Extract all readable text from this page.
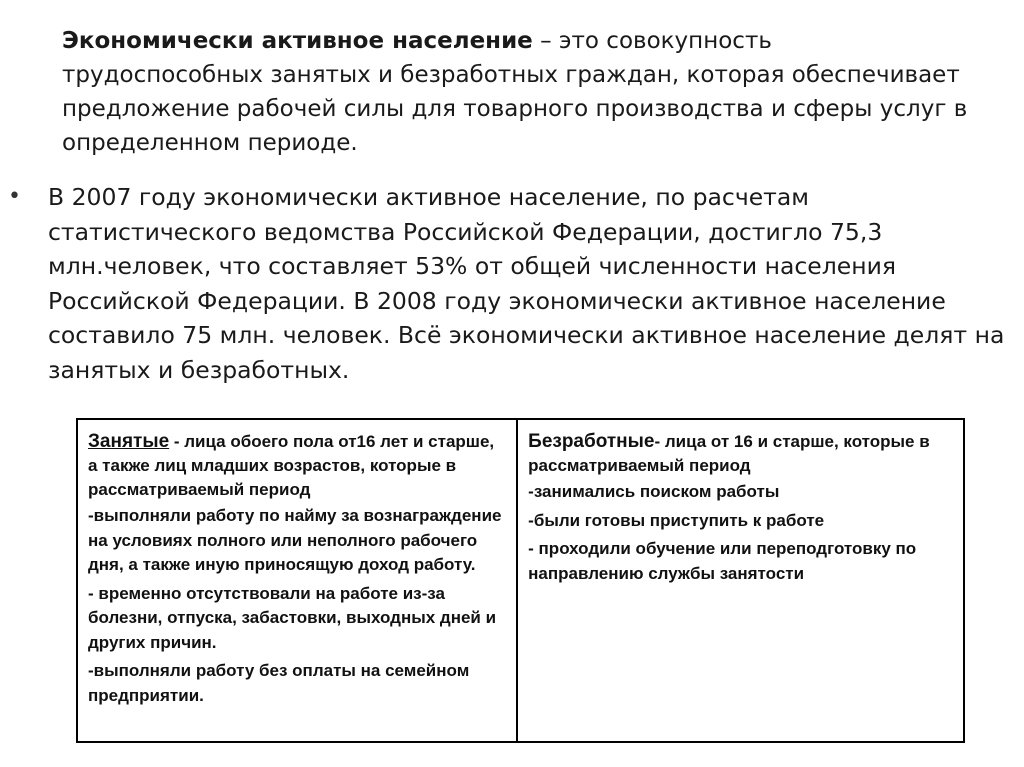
Экономически активное население – это совокупность трудоспособных занятых и безработных граждан, которая обеспечивает предложение рабочей силы для товарного производства и сферы услуг в определенном периоде.
• В 2007 году экономически активное население, по расчетам статистического ведомства Российской Федерации, достигло 75,3 млн.человек, что составляет 53% от общей численности населения Российской Федерации. В 2008 году экономически активное население составило 75 млн. человек. Всё экономически активное население делят на занятых и безработных.
Занятые - лица обоего пола от16 лет и старше, а также лиц младших возрастов, которые в рассматриваемый период
-выполняли работу по найму за вознаграждение на условиях полного или неполного рабочего дня, а также иную приносящую доход работу.
- временно отсутствовали на работе из-за болезни, отпуска, забастовки, выходных дней и других причин.
-выполняли работу без оплаты на семейном предприятии.

Безработные- лица от 16 и старше, которые в рассматриваемый период
-занимались поиском работы
-были готовы приступить к работе
- проходили обучение или переподготовку по направлению службы занятости
